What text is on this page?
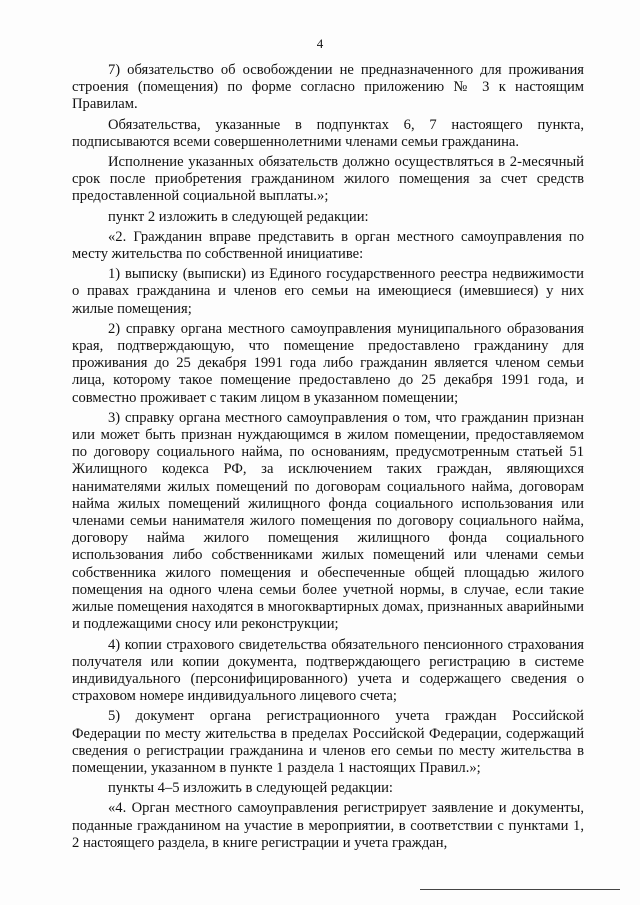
4

7) обязательство об освобождении не предназначенного для проживания строения (помещения) по форме согласно приложению № 3 к настоящим Правилам.

Обязательства, указанные в подпунктах 6, 7 настоящего пункта, подписываются всеми совершеннолетними членами семьи гражданина.

Исполнение указанных обязательств должно осуществляться в 2-месячный срок после приобретения гражданином жилого помещения за счет средств предоставленной социальной выплаты.»;

пункт 2 изложить в следующей редакции:

«2. Гражданин вправе представить в орган местного самоуправления по месту жительства по собственной инициативе:

1) выписку (выписки) из Единого государственного реестра недвижимости о правах гражданина и членов его семьи на имеющиеся (имевшиеся) у них жилые помещения;

2) справку органа местного самоуправления муниципального образования края, подтверждающую, что помещение предоставлено гражданину для проживания до 25 декабря 1991 года либо гражданин является членом семьи лица, которому такое помещение предоставлено до 25 декабря 1991 года, и совместно проживает с таким лицом в указанном помещении;

3) справку органа местного самоуправления о том, что гражданин признан или может быть признан нуждающимся в жилом помещении, предоставляемом по договору социального найма, по основаниям, предусмотренным статьей 51 Жилищного кодекса РФ, за исключением таких граждан, являющихся нанимателями жилых помещений по договорам социального найма, договорам найма жилых помещений жилищного фонда социального использования или членами семьи нанимателя жилого помещения по договору социального найма, договору найма жилого помещения жилищного фонда социального использования либо собственниками жилых помещений или членами семьи собственника жилого помещения и обеспеченные общей площадью жилого помещения на одного члена семьи более учетной нормы, в случае, если такие жилые помещения находятся в многоквартирных домах, признанных аварийными и подлежащими сносу или реконструкции;

4) копии страхового свидетельства обязательного пенсионного страхования получателя или копии документа, подтверждающего регистрацию в системе индивидуального (персонифицированного) учета и содержащего сведения о страховом номере индивидуального лицевого счета;

5) документ органа регистрационного учета граждан Российской Федерации по месту жительства в пределах Российской Федерации, содержащий сведения о регистрации гражданина и членов его семьи по месту жительства в помещении, указанном в пункте 1 раздела 1 настоящих Правил.»;

пункты 4–5 изложить в следующей редакции:

«4. Орган местного самоуправления регистрирует заявление и документы, поданные гражданином на участие в мероприятии, в соответствии с пунктами 1, 2 настоящего раздела, в книге регистрации и учета граждан,
